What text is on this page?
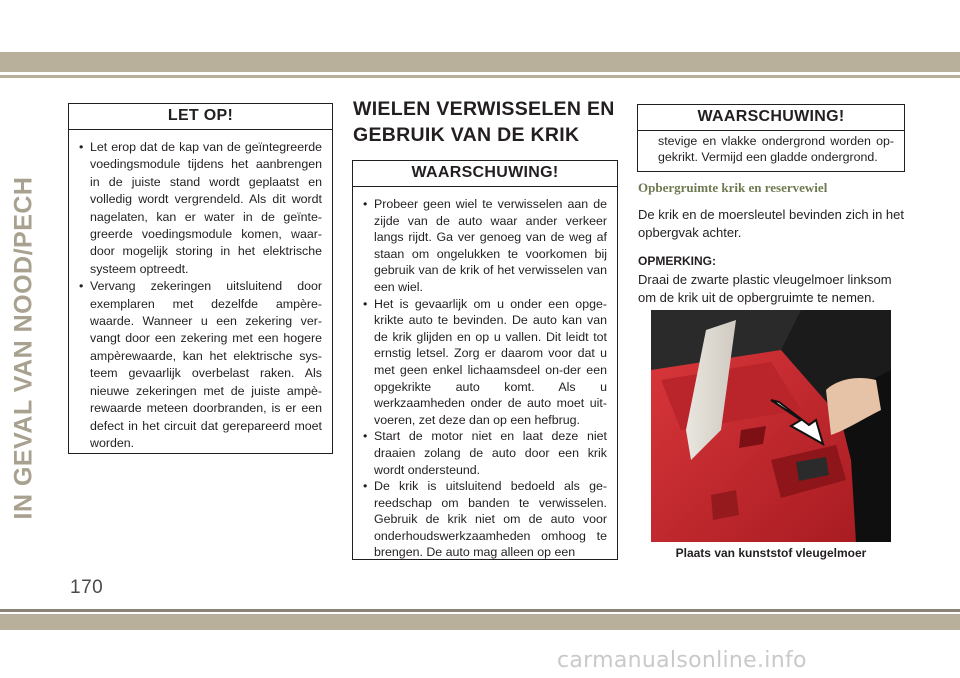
IN GEVAL VAN NOOD/PECH
LET OP!
• Let erop dat de kap van de geïntegreerde voedingsmodule tijdens het aanbrengen in de juiste stand wordt geplaatst en volledig wordt vergrendeld. Als dit wordt nagelaten, kan er water in de geïnte-greerde voedingsmodule komen, waar-door mogelijk storing in het elektrische systeem optreedt.
• Vervang zekeringen uitsluitend door exemplaren met dezelfde ampère-waarde. Wanneer u een zekering ver-vangt door een zekering met een hogere ampèrewaarde, kan het elektrische sys-teem gevaarlijk overbelast raken. Als nieuwe zekeringen met de juiste ampè-rewaarde meteen doorbranden, is er een defect in het circuit dat gerepareerd moet worden.
WIELEN VERWISSELEN EN
GEBRUIK VAN DE KRIK
WAARSCHUWING!
• Probeer geen wiel te verwisselen aan de zijde van de auto waar ander verkeer langs rijdt. Ga ver genoeg van de weg af staan om ongelukken te voorkomen bij gebruik van de krik of het verwisselen van een wiel.
• Het is gevaarlijk om u onder een opge-krikte auto te bevinden. De auto kan van de krik glijden en op u vallen. Dit leidt tot ernstig letsel. Zorg er daarom voor dat u met geen enkel lichaamsdeel on-der een opgekrikte auto komt. Als u werkzaamheden onder de auto moet uit-voeren, zet deze dan op een hefbrug.
• Start de motor niet en laat deze niet draaien zolang de auto door een krik wordt ondersteund.
• De krik is uitsluitend bedoeld als ge-reedschap om banden te verwisselen. Gebruik de krik niet om de auto voor onderhoudswerkzaamheden omhoog te brengen. De auto mag alleen op een
WAARSCHUWING!
stevige en vlakke ondergrond worden op-gekrikt. Vermijd een gladde ondergrond.
Opbergruimte krik en reservewiel
De krik en de moersleutel bevinden zich in het opbergvak achter.
OPMERKING:
Draai de zwarte plastic vleugelmoer linksom om de krik uit de opbergruimte te nemen.
Plaats van kunststof vleugelmoer
170
carmanualsonline.info
